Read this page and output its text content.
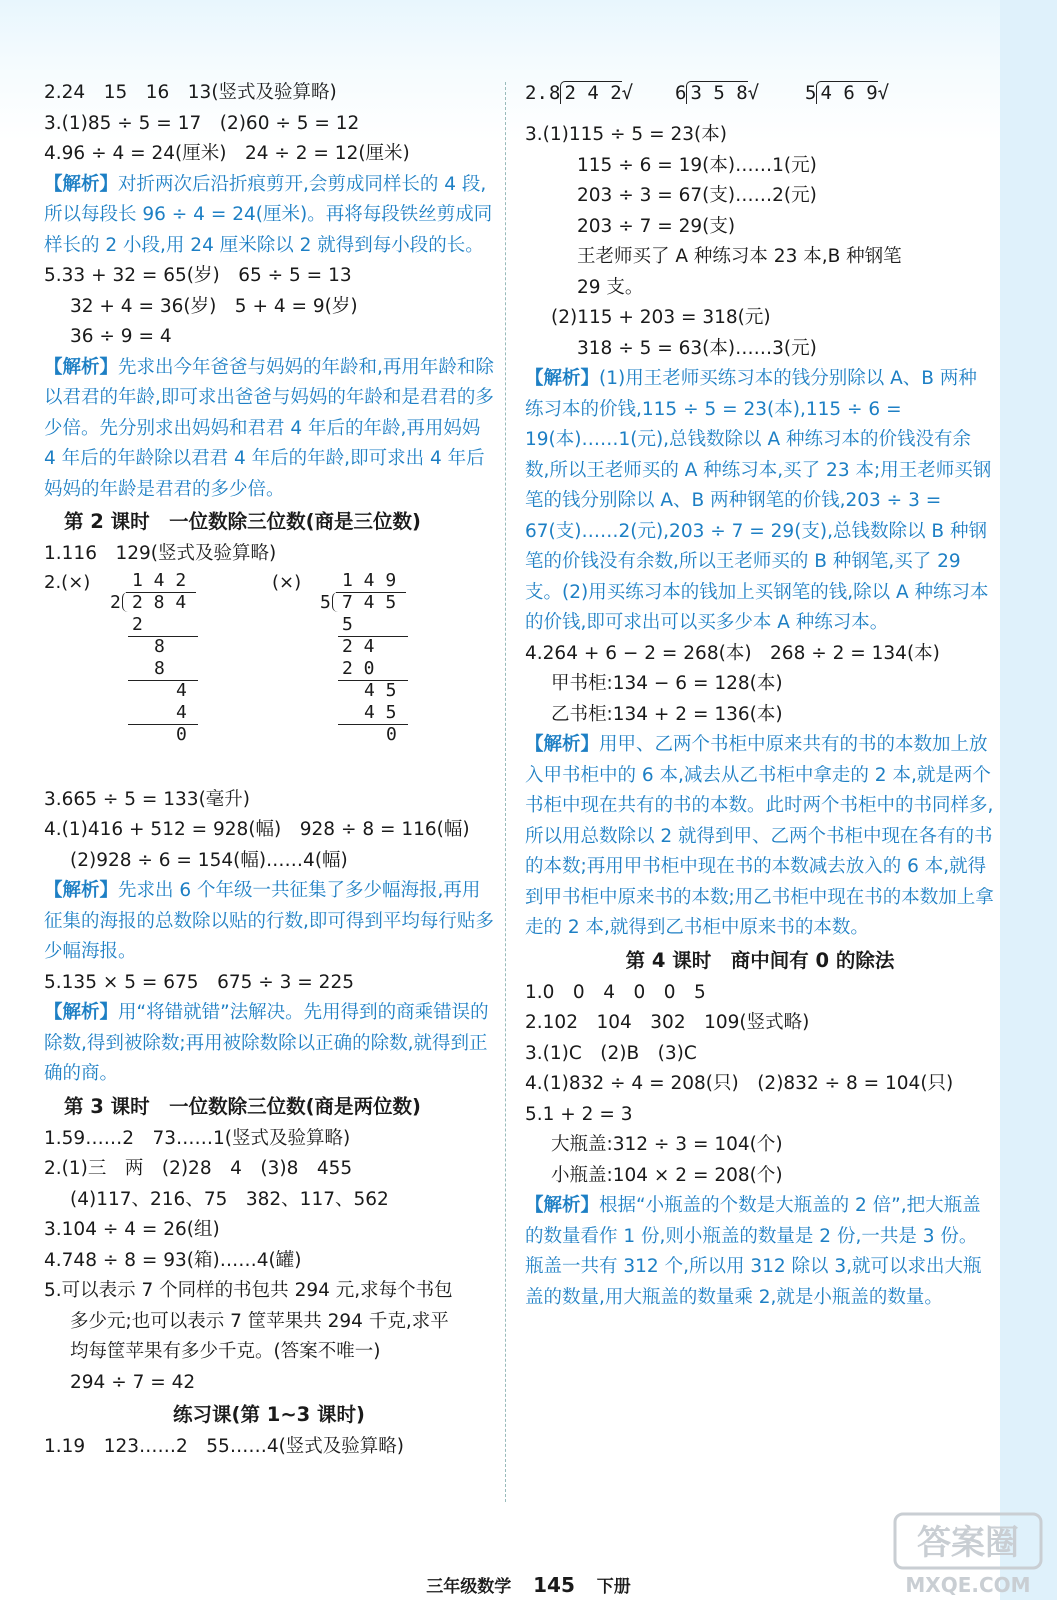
2.24　15　16　13(竖式及验算略)
3.(1)85 ÷ 5 = 17　(2)60 ÷ 5 = 12
4.96 ÷ 4 = 24(厘米)　24 ÷ 2 = 12(厘米)
【解析】对折两次后沿折痕剪开,会剪成同样长的 4 段,所以每段长 96 ÷ 4 = 24(厘米)。再将每段铁丝剪成同样长的 2 小段,用 24 厘米除以 2 就得到每小段的长。
5.33 + 32 = 65(岁)　65 ÷ 5 = 13
32 + 4 = 36(岁)　5 + 4 = 9(岁)
36 ÷ 9 = 4
【解析】先求出今年爸爸与妈妈的年龄和,再用年龄和除以君君的年龄,即可求出爸爸与妈妈的年龄和是君君的多少倍。先分别求出妈妈和君君 4 年后的年龄,再用妈妈 4 年后的年龄除以君君 4 年后的年龄,即可求出 4 年后妈妈的年龄是君君的多少倍。
第 2 课时　一位数除三位数(商是三位数)
1.116　129(竖式及验算略)
2.(×) 1 4 2
2 2 8 4
2
8
8
4
4
0
(×) 1 4 9
5 7 4 5
5
2 4
2 0
4 5
4 5
0
3.665 ÷ 5 = 133(毫升)
4.(1)416 + 512 = 928(幅)　928 ÷ 8 = 116(幅)
(2)928 ÷ 6 = 154(幅)……4(幅)
【解析】先求出 6 个年级一共征集了多少幅海报,再用征集的海报的总数除以贴的行数,即可得到平均每行贴多少幅海报。
5.135 × 5 = 675　675 ÷ 3 = 225
【解析】用“将错就错”法解决。先用得到的商乘错误的除数,得到被除数;再用被除数除以正确的除数,就得到正确的商。
第 3 课时　一位数除三位数(商是两位数)
1.59……2　73……1(竖式及验算略)
2.(1)三　两　(2)28　4　(3)8　455
(4)117、216、75　382、117、562
3.104 ÷ 4 = 26(组)
4.748 ÷ 8 = 93(箱)……4(罐)
5.可以表示 7 个同样的书包共 294 元,求每个书包
多少元;也可以表示 7 筐苹果共 294 千克,求平
均每筐苹果有多少千克。(答案不唯一)
294 ÷ 7 = 42
练习课(第 1~3 课时)
1.19　123……2　55……4(竖式及验算略)
2. 8 2 4 2√ 6 3 5 8√ 5 4 6 9√
3.(1)115 ÷ 5 = 23(本)
115 ÷ 6 = 19(本)……1(元)
203 ÷ 3 = 67(支)……2(元)
203 ÷ 7 = 29(支)
王老师买了 A 种练习本 23 本,B 种钢笔
29 支。
(2)115 + 203 = 318(元)
318 ÷ 5 = 63(本)……3(元)
【解析】(1)用王老师买练习本的钱分别除以 A、B 两种练习本的价钱,115 ÷ 5 = 23(本),115 ÷ 6 = 19(本)……1(元),总钱数除以 A 种练习本的价钱没有余数,所以王老师买的 A 种练习本,买了 23 本;用王老师买钢笔的钱分别除以 A、B 两种钢笔的价钱,203 ÷ 3 = 67(支)……2(元),203 ÷ 7 = 29(支),总钱数除以 B 种钢笔的价钱没有余数,所以王老师买的 B 种钢笔,买了 29 支。(2)用买练习本的钱加上买钢笔的钱,除以 A 种练习本的价钱,即可求出可以买多少本 A 种练习本。
4.264 + 6 − 2 = 268(本)　268 ÷ 2 = 134(本)
甲书柜:134 − 6 = 128(本)
乙书柜:134 + 2 = 136(本)
【解析】用甲、乙两个书柜中原来共有的书的本数加上放入甲书柜中的 6 本,减去从乙书柜中拿走的 2 本,就是两个书柜中现在共有的书的本数。此时两个书柜中的书同样多,所以用总数除以 2 就得到甲、乙两个书柜中现在各有的书的本数;再用甲书柜中现在书的本数减去放入的 6 本,就得到甲书柜中原来书的本数;用乙书柜中现在书的本数加上拿走的 2 本,就得到乙书柜中原来书的本数。
第 4 课时　商中间有 0 的除法
1.0　0　4　0　0　5
2.102　104　302　109(竖式略)
3.(1)C　(2)B　(3)C
4.(1)832 ÷ 4 = 208(只)　(2)832 ÷ 8 = 104(只)
5.1 + 2 = 3
大瓶盖:312 ÷ 3 = 104(个)
小瓶盖:104 × 2 = 208(个)
【解析】根据“小瓶盖的个数是大瓶盖的 2 倍”,把大瓶盖的数量看作 1 份,则小瓶盖的数量是 2 份,一共是 3 份。瓶盖一共有 312 个,所以用 312 除以 3,就可以求出大瓶盖的数量,用大瓶盖的数量乘 2,就是小瓶盖的数量。
三年级数学 145 下册
答案圈
MXQE.COM
